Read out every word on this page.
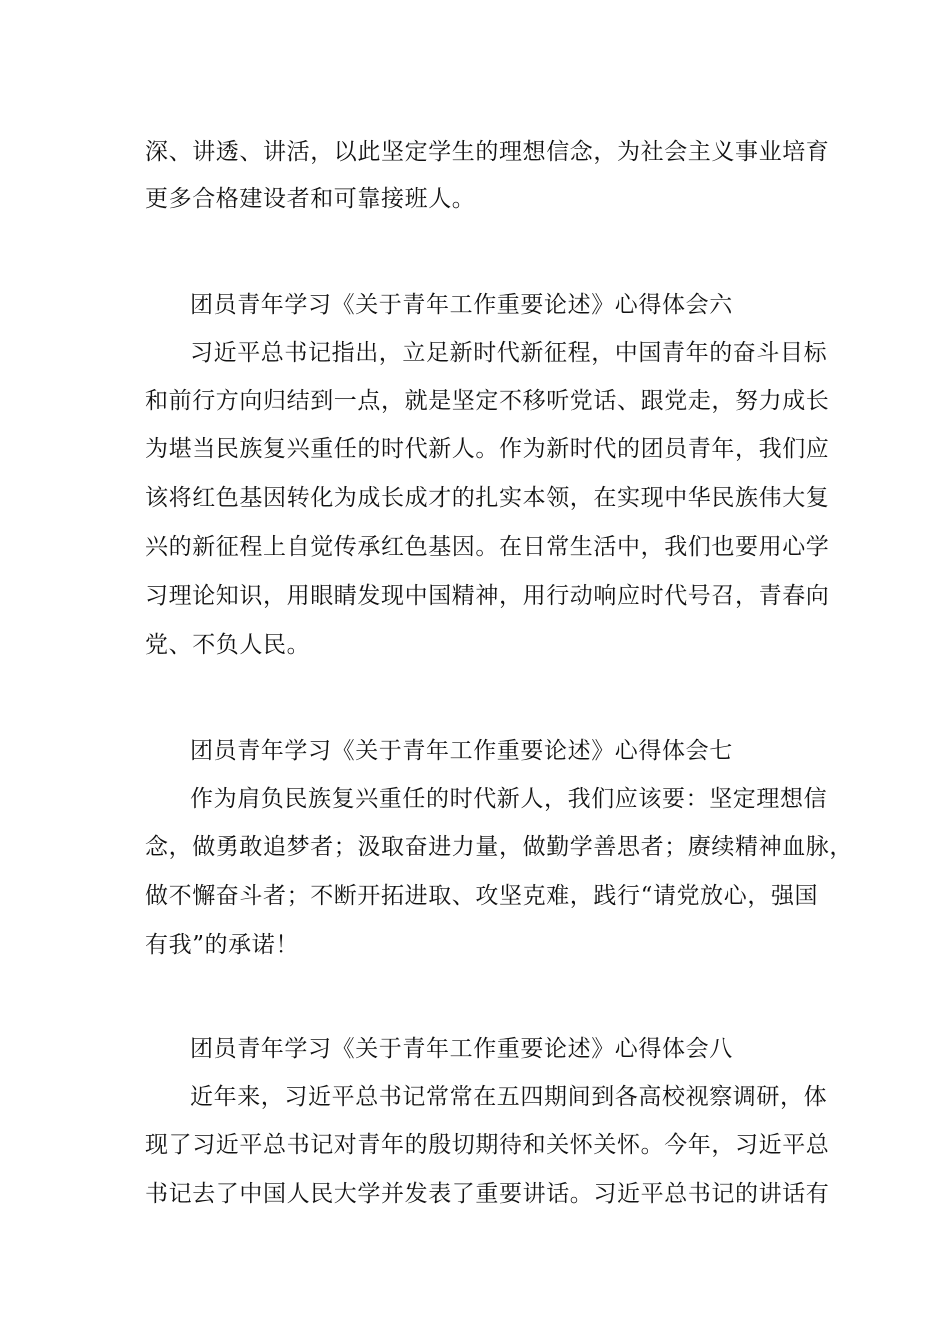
深、讲透、讲活，以此坚定学生的理想信念，为社会主义事业培育
更多合格建设者和可靠接班人。
团员青年学习《关于青年工作重要论述》心得体会六
习近平总书记指出，立足新时代新征程，中国青年的奋斗目标
和前行方向归结到一点，就是坚定不移听党话、跟党走，努力成长
为堪当民族复兴重任的时代新人。作为新时代的团员青年，我们应
该将红色基因转化为成长成才的扎实本领，在实现中华民族伟大复
兴的新征程上自觉传承红色基因。在日常生活中，我们也要用心学
习理论知识，用眼睛发现中国精神，用行动响应时代号召，青春向
党、不负人民。
团员青年学习《关于青年工作重要论述》心得体会七
作为肩负民族复兴重任的时代新人，我们应该要：坚定理想信
念，做勇敢追梦者；汲取奋进力量，做勤学善思者；赓续精神血脉，
做不懈奋斗者；不断开拓进取、攻坚克难，践行“请党放心，强国
有我”的承诺！
团员青年学习《关于青年工作重要论述》心得体会八
近年来，习近平总书记常常在五四期间到各高校视察调研，体
现了习近平总书记对青年的殷切期待和关怀关怀。今年，习近平总
书记去了中国人民大学并发表了重要讲话。习近平总书记的讲话有
